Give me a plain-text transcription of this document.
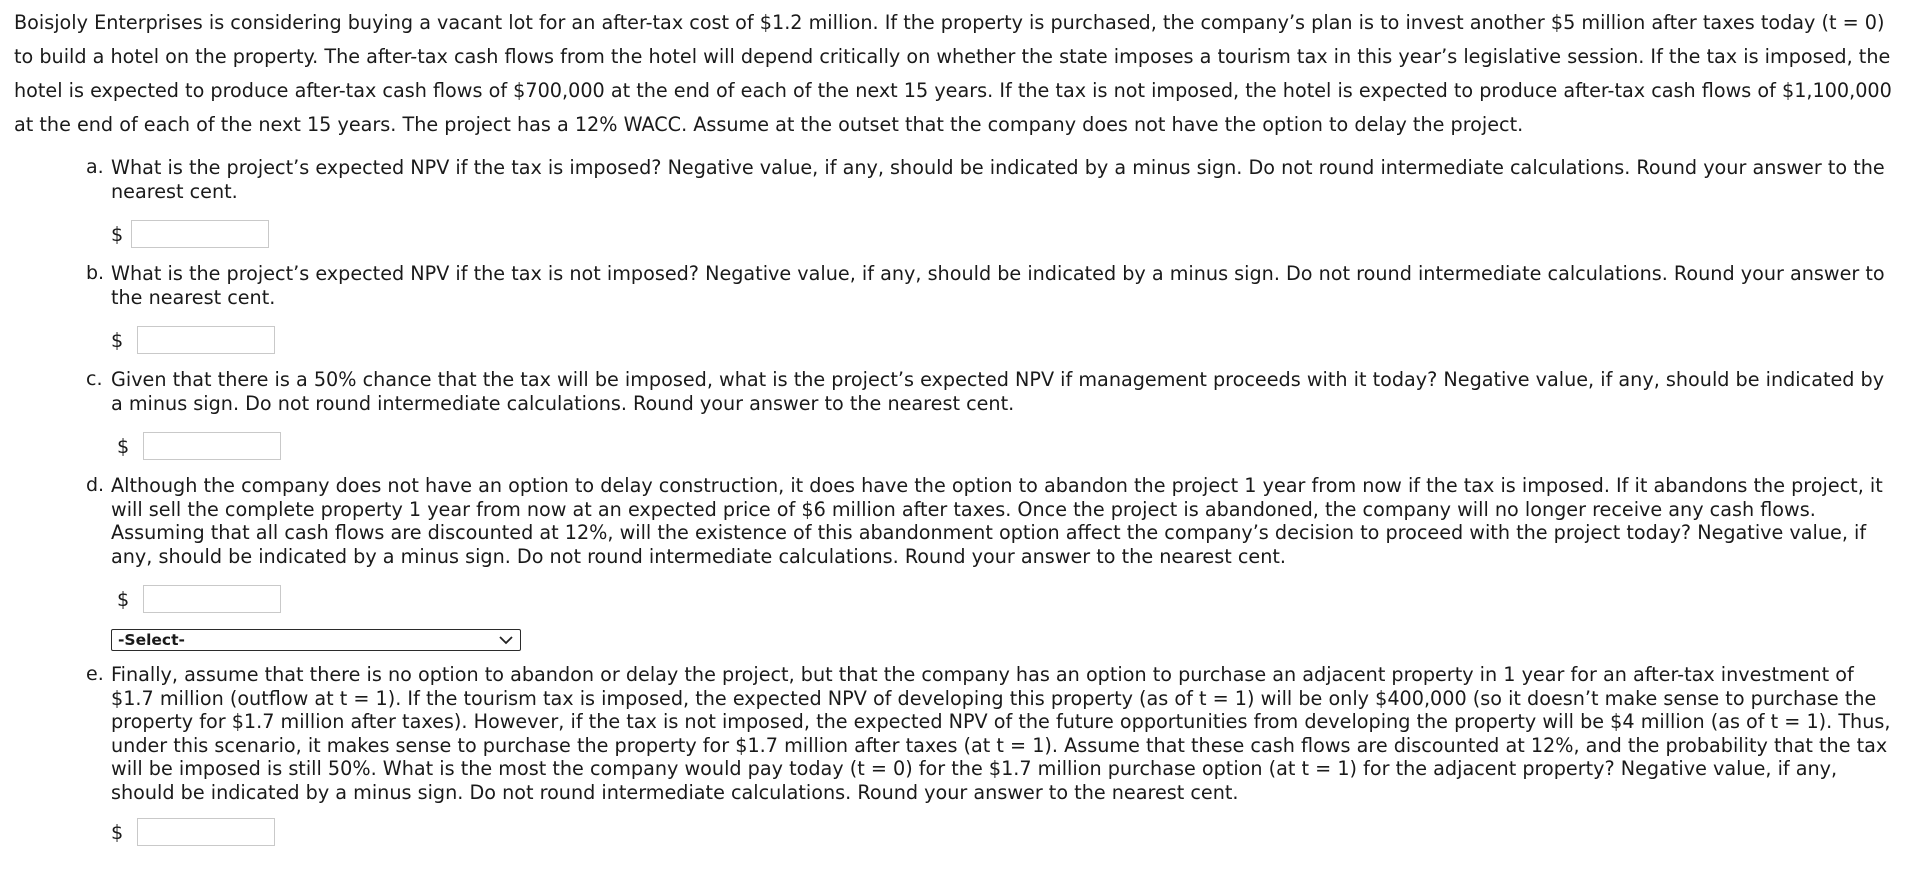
Boisjoly Enterprises is considering buying a vacant lot for an after-tax cost of $1.2 million. If the property is purchased, the company’s plan is to invest another $5 million after taxes today (t = 0) to build a hotel on the property. The after-tax cash flows from the hotel will depend critically on whether the state imposes a tourism tax in this year’s legislative session. If the tax is imposed, the hotel is expected to produce after-tax cash flows of $700,000 at the end of each of the next 15 years. If the tax is not imposed, the hotel is expected to produce after-tax cash flows of $1,100,000 at the end of each of the next 15 years. The project has a 12% WACC. Assume at the outset that the company does not have the option to delay the project.

a. What is the project’s expected NPV if the tax is imposed? Negative value, if any, should be indicated by a minus sign. Do not round intermediate calculations. Round your answer to the nearest cent.

$
b. What is the project’s expected NPV if the tax is not imposed? Negative value, if any, should be indicated by a minus sign. Do not round intermediate calculations. Round your answer to the nearest cent.

$
c. Given that there is a 50% chance that the tax will be imposed, what is the project’s expected NPV if management proceeds with it today? Negative value, if any, should be indicated by a minus sign. Do not round intermediate calculations. Round your answer to the nearest cent.

$
d. Although the company does not have an option to delay construction, it does have the option to abandon the project 1 year from now if the tax is imposed. If it abandons the project, it will sell the complete property 1 year from now at an expected price of $6 million after taxes. Once the project is abandoned, the company will no longer receive any cash flows. Assuming that all cash flows are discounted at 12%, will the existence of this abandonment option affect the company’s decision to proceed with the project today? Negative value, if any, should be indicated by a minus sign. Do not round intermediate calculations. Round your answer to the nearest cent.

$
-Select-
e. Finally, assume that there is no option to abandon or delay the project, but that the company has an option to purchase an adjacent property in 1 year for an after-tax investment of $1.7 million (outflow at t = 1). If the tourism tax is imposed, the expected NPV of developing this property (as of t = 1) will be only $400,000 (so it doesn’t make sense to purchase the property for $1.7 million after taxes). However, if the tax is not imposed, the expected NPV of the future opportunities from developing the property will be $4 million (as of t = 1). Thus, under this scenario, it makes sense to purchase the property for $1.7 million after taxes (at t = 1). Assume that these cash flows are discounted at 12%, and the probability that the tax will be imposed is still 50%. What is the most the company would pay today (t = 0) for the $1.7 million purchase option (at t = 1) for the adjacent property? Negative value, if any, should be indicated by a minus sign. Do not round intermediate calculations. Round your answer to the nearest cent.

$
